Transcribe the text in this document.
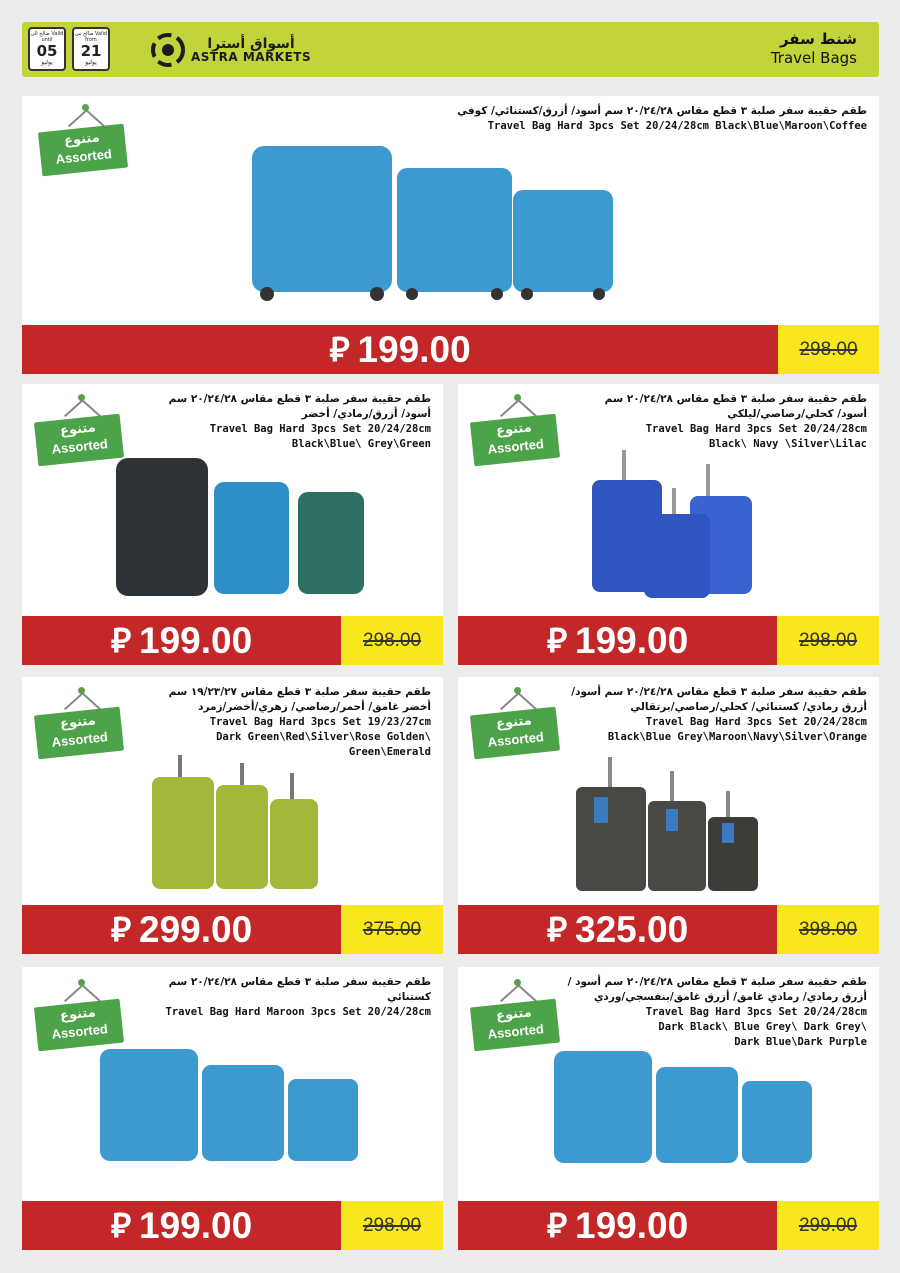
صالح الى Valid until
05
يوليو
صالح من Valid from
21
يوليو
أسواق أسترا
ASTRA MARKETS
شنط سفر
Travel Bags
طقم حقيبة سفر صلبة ٣ قطع مقاس ٢٠/٢٤/٢٨ سم أسود/ أزرق/كستنائي/ كوفي
Travel Bag Hard 3pcs Set 20/24/28cm Black\Blue\Maroon\Coffee
متنوع
Assorted
⃁ 199.00	298.00
طقم حقيبة سفر صلبة ٣ قطع مقاس ٢٠/٢٤/٢٨ سم أسود/ أزرق/رمادي/ أخضر
Travel Bag Hard 3pcs Set 20/24/28cm
Black\Blue\ Grey\Green
متنوع
Assorted
⃁ 199.00	298.00
طقم حقيبة سفر صلبة ٣ قطع مقاس ٢٠/٢٤/٢٨ سم أسود/ كحلي/رصاصي/ليلكي
Travel Bag Hard 3pcs Set 20/24/28cm
Black\ Navy \Silver\Lilac
متنوع
Assorted
⃁ 199.00	298.00
طقم حقيبة سفر صلبة ٣ قطع مقاس ١٩/٢٣/٢٧ سم أخضر غامق/ أحمر/رصاصي/ زهري/أخضر/زمرد
Travel Bag Hard 3pcs Set 19/23/27cm
Dark Green\Red\Silver\Rose Golden\
Green\Emerald
متنوع
Assorted
⃁ 299.00	375.00
طقم حقيبة سفر صلبة ٣ قطع مقاس ٢٠/٢٤/٢٨ سم أسود/ أزرق رمادي/ كستنائي/ كحلي/رصاصي/برتقالي
Travel Bag Hard 3pcs Set 20/24/28cm
Black\Blue Grey\Maroon\Navy\Silver\Orange
متنوع
Assorted
⃁ 325.00	398.00
طقم حقيبة سفر صلبة ٣ قطع مقاس ٢٠/٢٤/٢٨ سم كستنائي
Travel Bag Hard Maroon 3pcs Set 20/24/28cm
متنوع
Assorted
⃁ 199.00	298.00
طقم حقيبة سفر صلبة ٣ قطع مقاس ٢٠/٢٤/٢٨ سم أسود / أزرق رمادي/ رمادي غامق/ أزرق غامق/بنفسجي/وردي
Travel Bag Hard 3pcs Set 20/24/28cm
Dark Black\ Blue Grey\ Dark Grey\
Dark Blue\Dark Purple
متنوع
Assorted
⃁ 199.00	299.00
